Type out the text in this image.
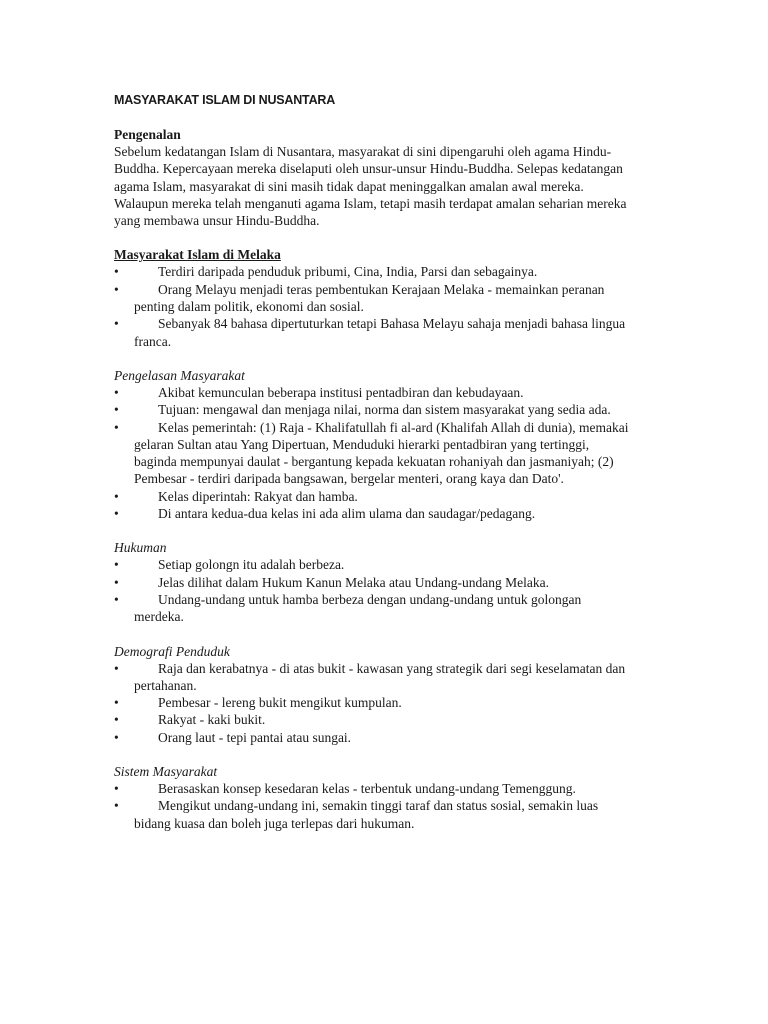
MASYARAKAT ISLAM DI NUSANTARA
Pengenalan

Sebelum kedatangan Islam di Nusantara, masyarakat di sini dipengaruhi oleh agama Hindu-Buddha. Kepercayaan mereka diselaputi oleh unsur-unsur Hindu-Buddha. Selepas kedatangan agama Islam, masyarakat di sini masih tidak dapat meninggalkan amalan awal mereka. Walaupun mereka telah menganuti agama Islam, tetapi masih terdapat amalan seharian mereka yang membawa unsur Hindu-Buddha.

Masyarakat Islam di Melaka
•	Terdiri daripada penduduk pribumi, Cina, India, Parsi dan sebagainya.
•	Orang Melayu menjadi teras pembentukan Kerajaan Melaka - memainkan peranan penting dalam politik, ekonomi dan sosial.
•	Sebanyak 84 bahasa dipertuturkan tetapi Bahasa Melayu sahaja menjadi bahasa lingua franca.
Pengelasan Masyarakat
•	Akibat kemunculan beberapa institusi pentadbiran dan kebudayaan.
•	Tujuan: mengawal dan menjaga nilai, norma dan sistem masyarakat yang sedia ada.
•	Kelas pemerintah: (1) Raja - Khalifatullah fi al-ard (Khalifah Allah di dunia), memakai gelaran Sultan atau Yang Dipertuan, Menduduki hierarki pentadbiran yang tertinggi, baginda mempunyai daulat - bergantung kepada kekuatan rohaniyah dan jasmaniyah; (2) Pembesar - terdiri daripada bangsawan, bergelar menteri, orang kaya dan Dato'.
•	Kelas diperintah: Rakyat dan hamba.
•	Di antara kedua-dua kelas ini ada alim ulama dan saudagar/pedagang.
Hukuman
•	Setiap golongn itu adalah berbeza.
•	Jelas dilihat dalam Hukum Kanun Melaka atau Undang-undang Melaka.
•	Undang-undang untuk hamba berbeza dengan undang-undang untuk golongan merdeka.
Demografi Penduduk
•	Raja dan kerabatnya - di atas bukit - kawasan yang strategik dari segi keselamatan dan pertahanan.
•	Pembesar - lereng bukit mengikut kumpulan.
•	Rakyat - kaki bukit.
•	Orang laut - tepi pantai atau sungai.
Sistem Masyarakat
•	Berasaskan konsep kesedaran kelas - terbentuk undang-undang Temenggung.
•	Mengikut undang-undang ini, semakin tinggi taraf dan status sosial, semakin luas bidang kuasa dan boleh juga terlepas dari hukuman.
